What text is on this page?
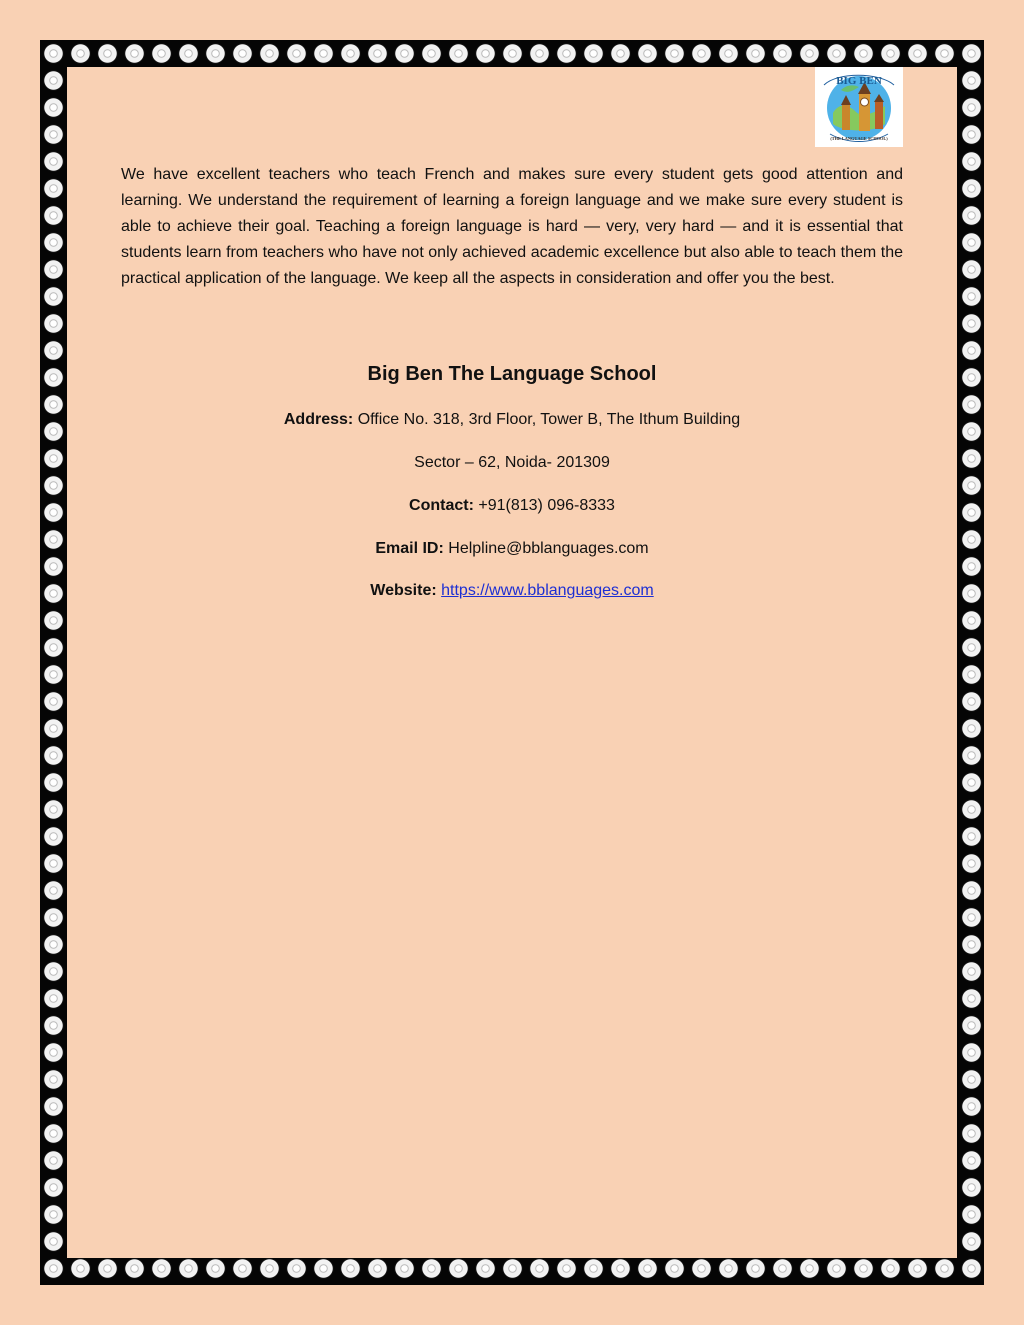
BIG BEN
(THE LANGUAGE SCHOOL)

We have excellent teachers who teach French and makes sure every student gets good attention and learning. We understand the requirement of learning a foreign language and we make sure every student is able to achieve their goal. Teaching a foreign language is hard — very, very hard — and it is essential that students learn from teachers who have not only achieved academic excellence but also able to teach them the practical application of the language. We keep all the aspects in consideration and offer you the best.

Big Ben The Language School
Address: Office No. 318, 3rd Floor, Tower B, The Ithum Building
Sector – 62, Noida- 201309
Contact: +91(813) 096-8333
Email ID: Helpline@bblanguages.com
Website: https://www.bblanguages.com
